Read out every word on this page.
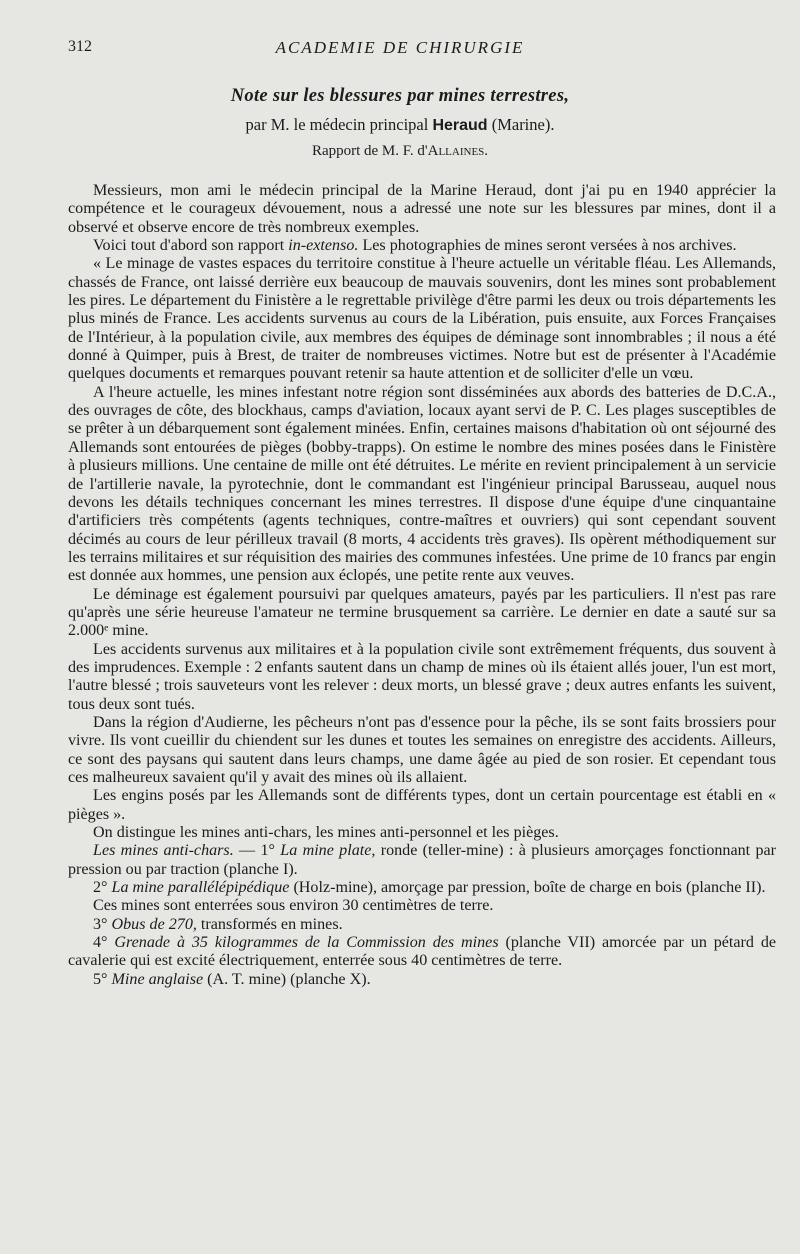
312	ACADEMIE DE CHIRURGIE

Note sur les blessures par mines terrestres,

par M. le médecin principal Heraud (Marine).

Rapport de M. F. d'Allaines.

Messieurs, mon ami le médecin principal de la Marine Heraud, dont j'ai pu en 1940 apprécier la compétence et le courageux dévouement, nous a adressé une note sur les blessures par mines, dont il a observé et observe encore de très nombreux exemples.

Voici tout d'abord son rapport in-extenso. Les photographies de mines seront versées à nos archives.

« Le minage de vastes espaces du territoire constitue à l'heure actuelle un véritable fléau. Les Allemands, chassés de France, ont laissé derrière eux beaucoup de mauvais souvenirs, dont les mines sont probablement les pires. Le département du Finistère a le regrettable privilège d'être parmi les deux ou trois départements les plus minés de France. Les accidents survenus au cours de la Libération, puis ensuite, aux Forces Françaises de l'Intérieur, à la population civile, aux membres des équipes de déminage sont innombrables ; il nous a été donné à Quimper, puis à Brest, de traiter de nombreuses victimes. Notre but est de présenter à l'Académie quelques documents et remarques pouvant retenir sa haute attention et de solliciter d'elle un vœu.

A l'heure actuelle, les mines infestant notre région sont disséminées aux abords des batteries de D.C.A., des ouvrages de côte, des blockhaus, camps d'aviation, locaux ayant servi de P. C. Les plages susceptibles de se prêter à un débarquement sont également minées. Enfin, certaines maisons d'habitation où ont séjourné des Allemands sont entourées de pièges (bobby-trapps). On estime le nombre des mines posées dans le Finistère à plusieurs millions. Une centaine de mille ont été détruites. Le mérite en revient principalement à un servicie de l'artillerie navale, la pyrotechnie, dont le commandant est l'ingénieur principal Barusseau, auquel nous devons les détails techniques concernant les mines terrestres. Il dispose d'une équipe d'une cinquantaine d'artificiers très compétents (agents techniques, contre-maîtres et ouvriers) qui sont cependant souvent décimés au cours de leur périlleux travail (8 morts, 4 accidents très graves). Ils opèrent méthodiquement sur les terrains militaires et sur réquisition des mairies des communes infestées. Une prime de 10 francs par engin est donnée aux hommes, une pension aux éclopés, une petite rente aux veuves.

Le déminage est également poursuivi par quelques amateurs, payés par les particuliers. Il n'est pas rare qu'après une série heureuse l'amateur ne termine brusquement sa carrière. Le dernier en date a sauté sur sa 2.000ᵉ mine.

Les accidents survenus aux militaires et à la population civile sont extrêmement fréquents, dus souvent à des imprudences. Exemple : 2 enfants sautent dans un champ de mines où ils étaient allés jouer, l'un est mort, l'autre blessé ; trois sauveteurs vont les relever : deux morts, un blessé grave ; deux autres enfants les suivent, tous deux sont tués.

Dans la région d'Audierne, les pêcheurs n'ont pas d'essence pour la pêche, ils se sont faits brossiers pour vivre. Ils vont cueillir du chiendent sur les dunes et toutes les semaines on enregistre des accidents. Ailleurs, ce sont des paysans qui sautent dans leurs champs, une dame âgée au pied de son rosier. Et cependant tous ces malheureux savaient qu'il y avait des mines où ils allaient.

Les engins posés par les Allemands sont de différents types, dont un certain pourcentage est établi en « pièges ».

On distingue les mines anti-chars, les mines anti-personnel et les pièges.

Les mines anti-chars. — 1° La mine plate, ronde (teller-mine) : à plusieurs amorçages fonctionnant par pression ou par traction (planche I).

2° La mine parallélépipédique (Holz-mine), amorçage par pression, boîte de charge en bois (planche II).

Ces mines sont enterrées sous environ 30 centimètres de terre.

3° Obus de 270, transformés en mines.

4° Grenade à 35 kilogrammes de la Commission des mines (planche VII) amorcée par un pétard de cavalerie qui est excité électriquement, enterrée sous 40 centimètres de terre.

5° Mine anglaise (A. T. mine) (planche X).
